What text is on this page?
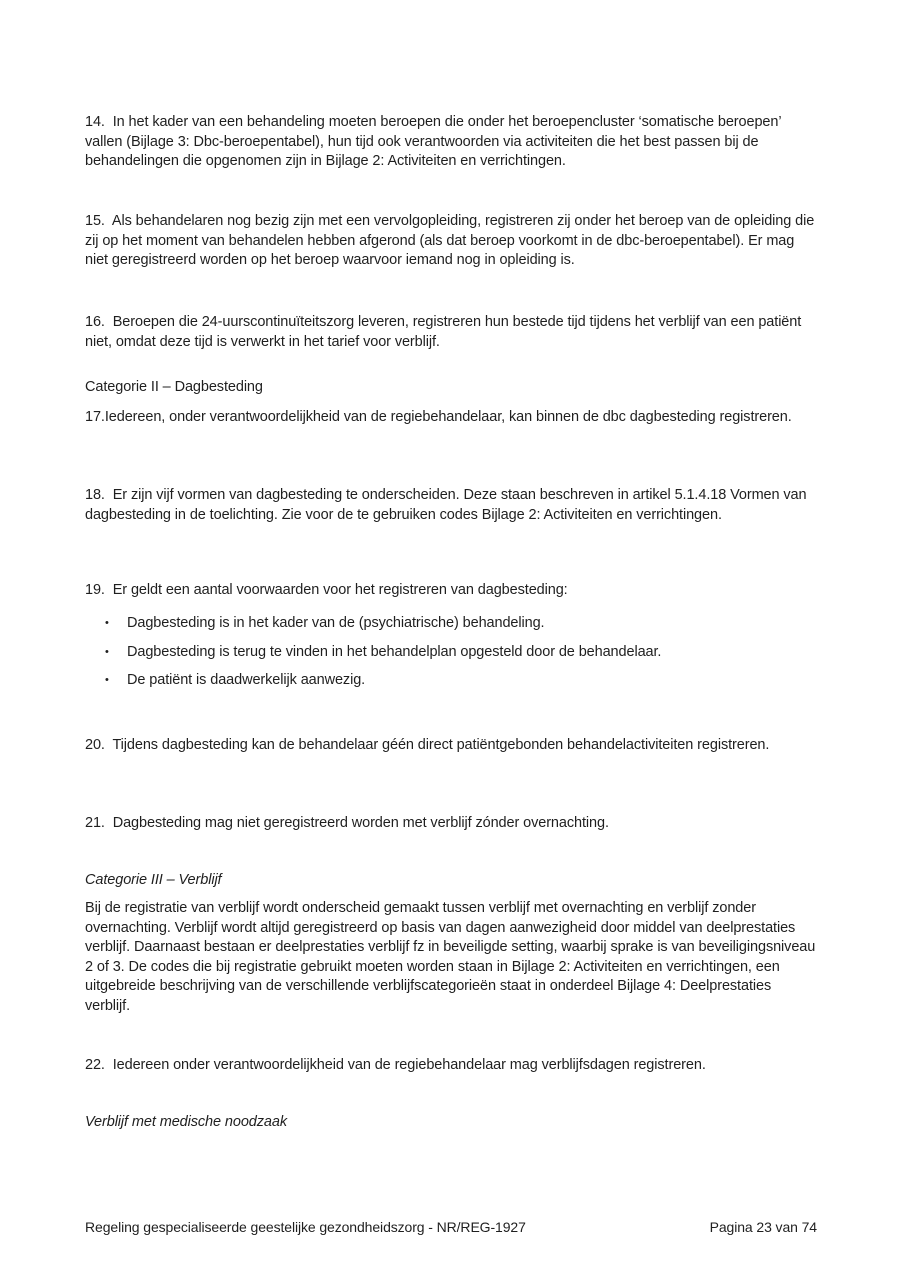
14.  In het kader van een behandeling moeten beroepen die onder het beroepencluster ‘somatische beroepen’ vallen (Bijlage 3: Dbc-beroepentabel), hun tijd ook verantwoorden via activiteiten die het best passen bij de behandelingen die opgenomen zijn in Bijlage 2: Activiteiten en verrichtingen.

15.  Als behandelaren nog bezig zijn met een vervolgopleiding, registreren zij onder het beroep van de opleiding die zij op het moment van behandelen hebben afgerond (als dat beroep voorkomt in de dbc-beroepentabel). Er mag niet geregistreerd worden op het beroep waarvoor iemand nog in opleiding is.

16.  Beroepen die 24-uurscontinuïteitszorg leveren, registreren hun bestede tijd tijdens het verblijf van een patiënt niet, omdat deze tijd is verwerkt in het tarief voor verblijf.

Categorie II – Dagbesteding

17.Iedereen, onder verantwoordelijkheid van de regiebehandelaar, kan binnen de dbc dagbesteding registreren.

18.  Er zijn vijf vormen van dagbesteding te onderscheiden. Deze staan beschreven in artikel 5.1.4.18 Vormen van dagbesteding in de toelichting. Zie voor de te gebruiken codes Bijlage 2: Activiteiten en verrichtingen.

19.  Er geldt een aantal voorwaarden voor het registreren van dagbesteding:

•	Dagbesteding is in het kader van de (psychiatrische) behandeling.
•	Dagbesteding is terug te vinden in het behandelplan opgesteld door de behandelaar.
•	De patiënt is daadwerkelijk aanwezig.

20.  Tijdens dagbesteding kan de behandelaar géén direct patiëntgebonden behandelactiviteiten registreren.

21.  Dagbesteding mag niet geregistreerd worden met verblijf zónder overnachting.

Categorie III – Verblijf

Bij de registratie van verblijf wordt onderscheid gemaakt tussen verblijf met overnachting en verblijf zonder overnachting. Verblijf wordt altijd geregistreerd op basis van dagen aanwezigheid door middel van deelprestaties verblijf. Daarnaast bestaan er deelprestaties verblijf fz in beveiligde setting, waarbij sprake is van beveiligingsniveau 2 of 3. De codes die bij registratie gebruikt moeten worden staan in Bijlage 2: Activiteiten en verrichtingen, een uitgebreide beschrijving van de verschillende verblijfscategorieën staat in onderdeel Bijlage 4: Deelprestaties verblijf.

22.  Iedereen onder verantwoordelijkheid van de regiebehandelaar mag verblijfsdagen registreren.

Verblijf met medische noodzaak

Regeling gespecialiseerde geestelijke gezondheidszorg - NR/REG-1927	Pagina 23 van 74
